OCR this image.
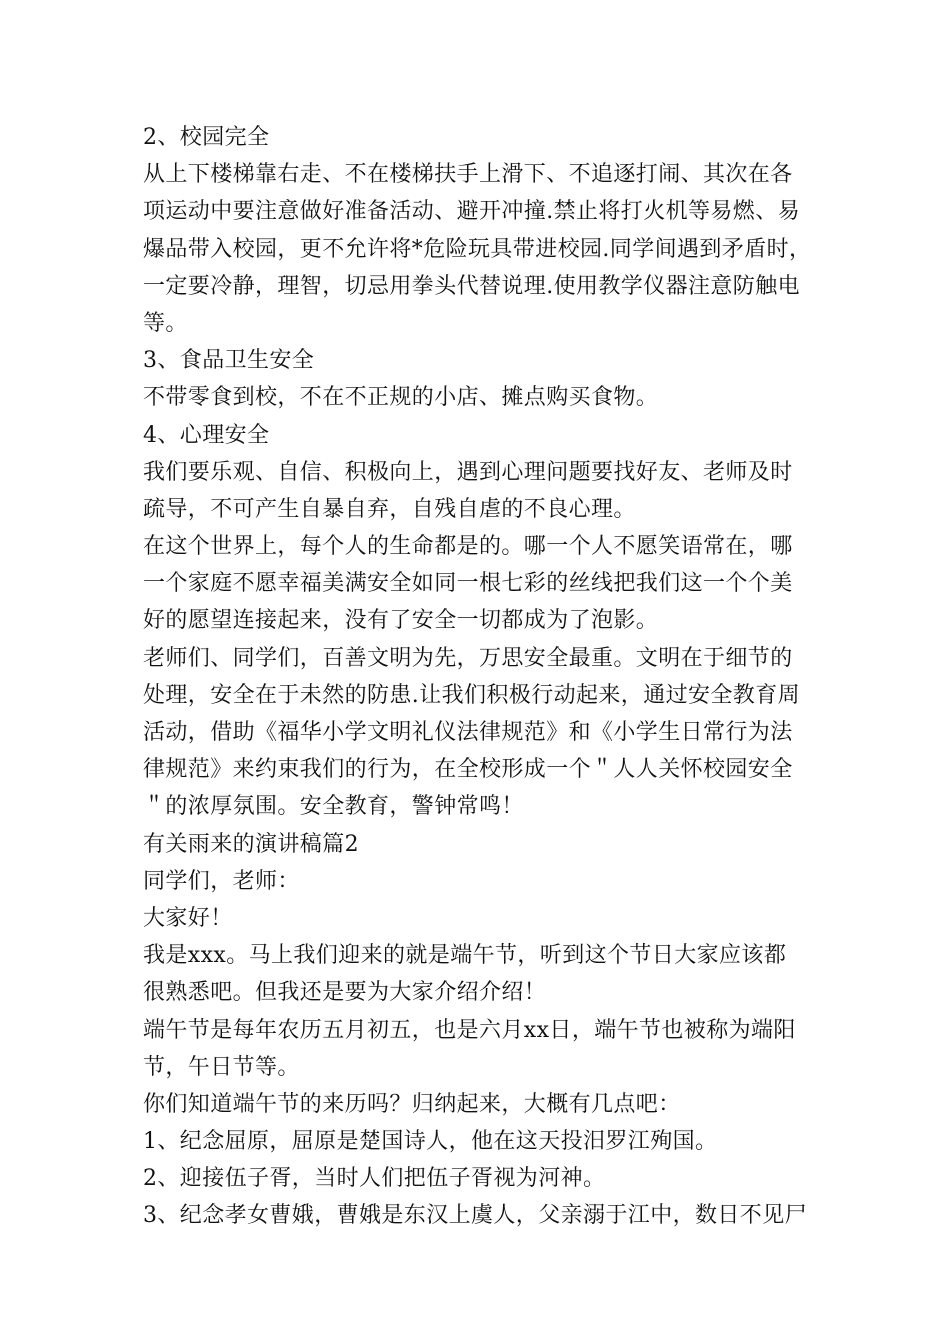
2、校园完全
从上下楼梯靠右走、不在楼梯扶手上滑下、不追逐打闹、其次在各
项运动中要注意做好准备活动、避开冲撞.禁止将打火机等易燃、易
爆品带入校园，更不允许将*危险玩具带进校园.同学间遇到矛盾时，
一定要冷静，理智，切忌用拳头代替说理.使用教学仪器注意防触电
等。
3、食品卫生安全
不带零食到校，不在不正规的小店、摊点购买食物。
4、心理安全
我们要乐观、自信、积极向上，遇到心理问题要找好友、老师及时
疏导，不可产生自暴自弃，自残自虐的不良心理。
在这个世界上，每个人的生命都是的。哪一个人不愿笑语常在，哪
一个家庭不愿幸福美满安全如同一根七彩的丝线把我们这一个个美
好的愿望连接起来，没有了安全一切都成为了泡影。
老师们、同学们，百善文明为先，万思安全最重。文明在于细节的
处理，安全在于未然的防患.让我们积极行动起来，通过安全教育周
活动，借助《福华小学文明礼仪法律规范》和《小学生日常行为法
律规范》来约束我们的行为，在全校形成一个＂人人关怀校园安全
＂的浓厚氛围。安全教育，警钟常鸣！
有关雨来的演讲稿篇2
同学们，老师：
大家好！
我是xxx。马上我们迎来的就是端午节，听到这个节日大家应该都
很熟悉吧。但我还是要为大家介绍介绍！
端午节是每年农历五月初五，也是六月xx日，端午节也被称为端阳
节，午日节等。
你们知道端午节的来历吗？归纳起来，大概有几点吧：
1、纪念屈原，屈原是楚国诗人，他在这天投汨罗江殉国。
2、迎接伍子胥，当时人们把伍子胥视为河神。
3、纪念孝女曹娥，曹娥是东汉上虞人，父亲溺于江中，数日不见尸
